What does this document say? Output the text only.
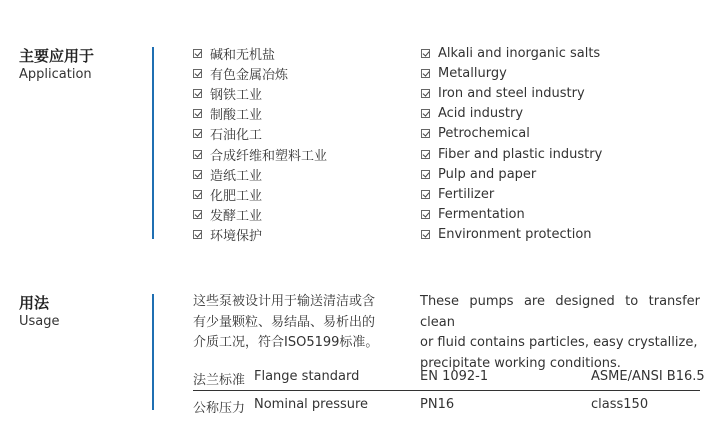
主要应用于
Application
碱和无机盐
有色金属冶炼
钢铁工业
制酸工业
石油化工
合成纤维和塑料工业
造纸工业
化肥工业
发酵工业
环境保护
Alkali and inorganic salts
Metallurgy
Iron and steel industry
Acid industry
Petrochemical
Fiber and plastic industry
Pulp and paper
Fertilizer
Fermentation
Environment protection
用法
Usage
这些泵被设计用于输送清洁或含
有少量颗粒、易结晶、易析出的
介质工况，符合ISO5199标准。
These pumps are designed to transfer clean
or fluid contains particles, easy crystallize,
precipitate working conditions.
法兰标准 Flange standard	EN 1092-1	ASME/ANSI B16.5
公称压力 Nominal pressure	PN16	class150
